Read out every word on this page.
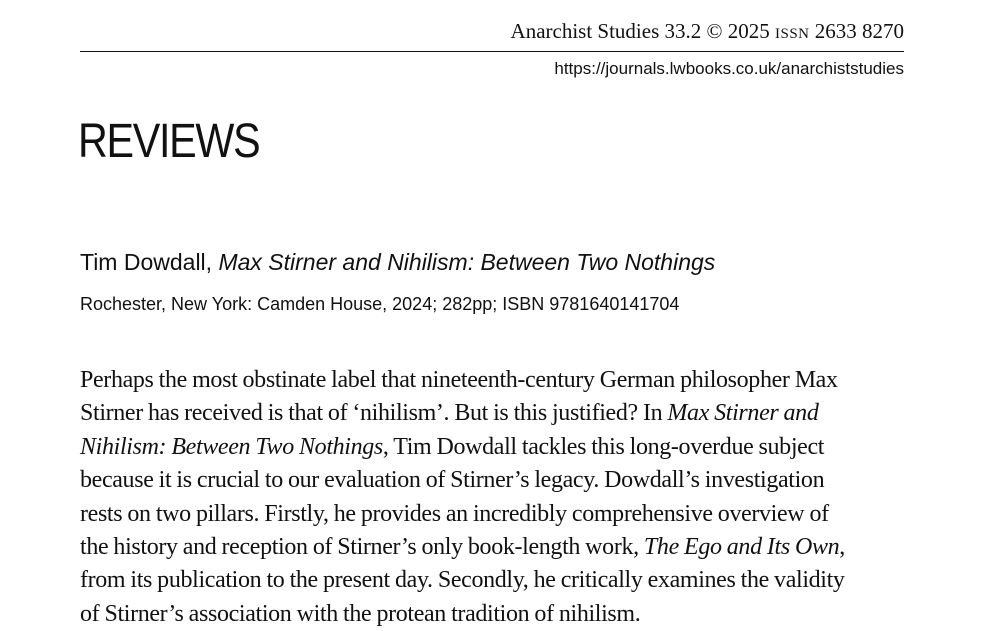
Anarchist Studies 33.2 © 2025 issn 2633 8270
https://journals.lwbooks.co.uk/anarchiststudies
REVIEWS
Tim Dowdall, Max Stirner and Nihilism: Between Two Nothings
Rochester, New York: Camden House, 2024; 282pp; ISBN 9781640141704
Perhaps the most obstinate label that nineteenth-century German philosopher Max
Stirner has received is that of ‘nihilism’. But is this justified? In Max Stirner and
Nihilism: Between Two Nothings, Tim Dowdall tackles this long-overdue subject
because it is crucial to our evaluation of Stirner’s legacy. Dowdall’s investigation
rests on two pillars. Firstly, he provides an incredibly comprehensive overview of
the history and reception of Stirner’s only book-length work, The Ego and Its Own,
from its publication to the present day. Secondly, he critically examines the validity
of Stirner’s association with the protean tradition of nihilism.
